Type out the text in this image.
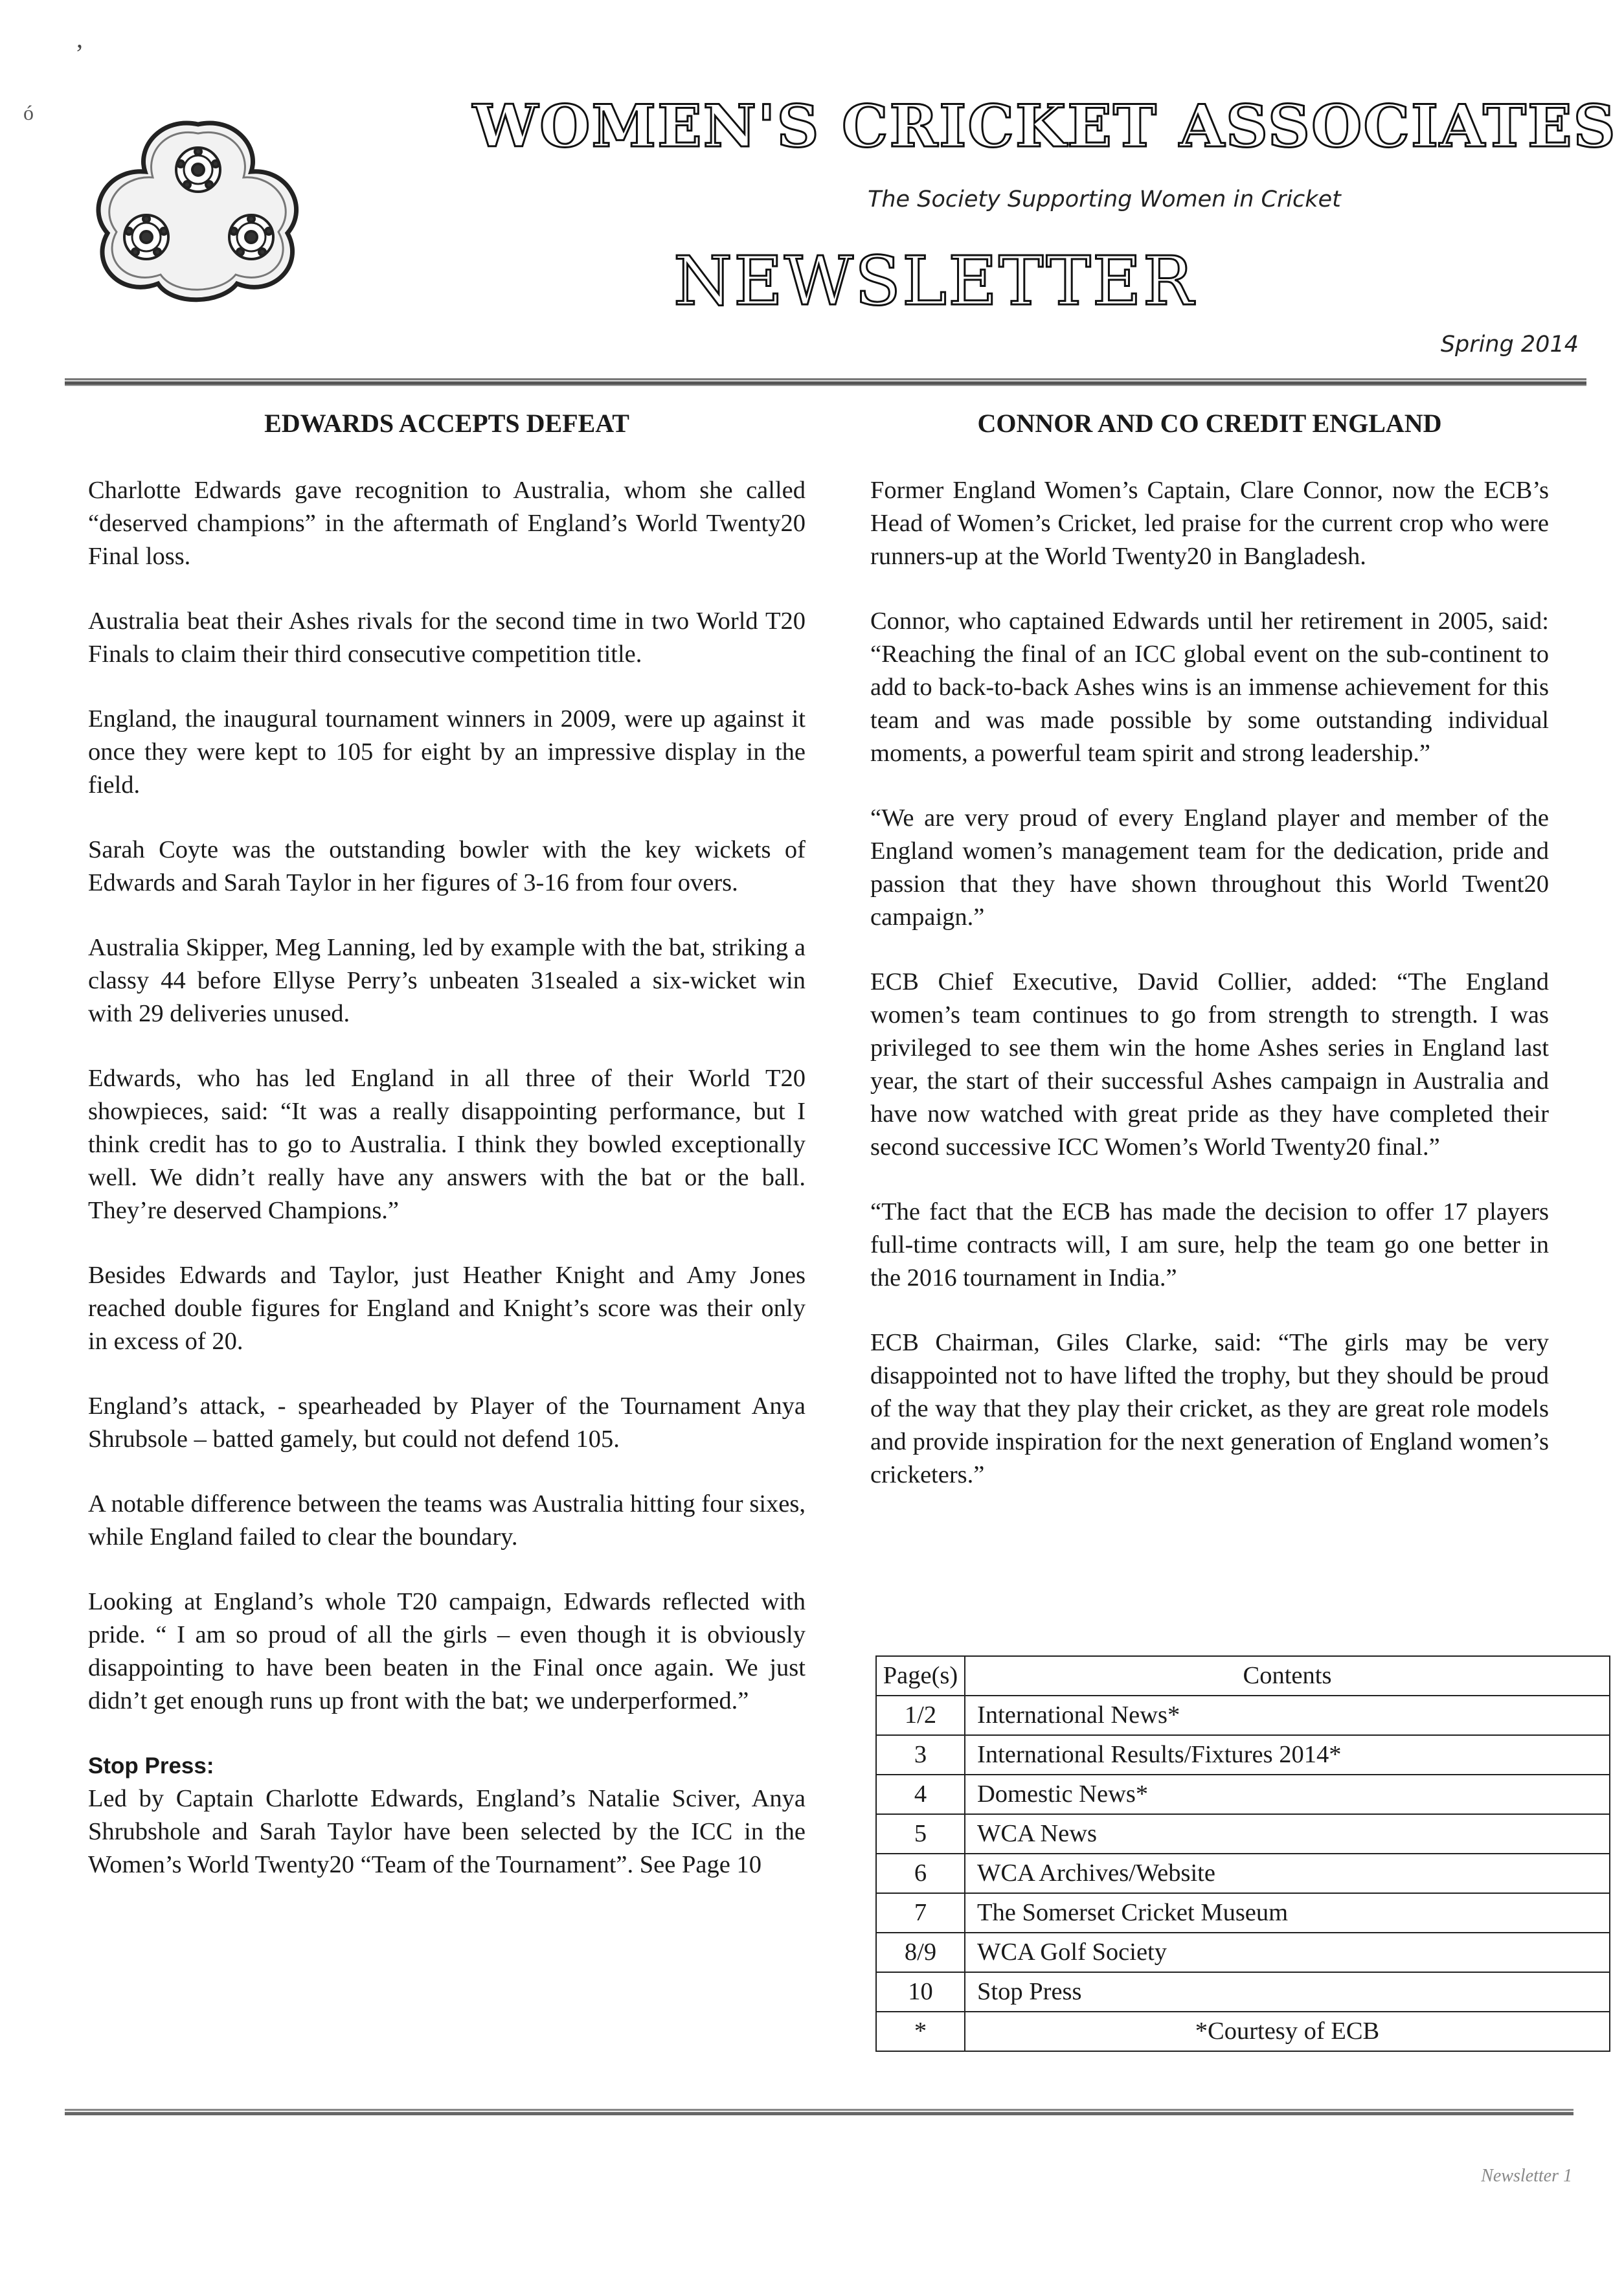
,
ó	WOMEN'S CRICKET ASSOCIATES
The Society Supporting Women in Cricket
NEWSLETTER
Spring 2014
EDWARDS ACCEPTS DEFEAT

Charlotte Edwards gave recognition to Australia, whom she called “deserved champions” in the aftermath of England’s World Twenty20 Final loss.

Australia beat their Ashes rivals for the second time in two World T20 Finals to claim their third consecutive competition title.

England, the inaugural tournament winners in 2009, were up against it once they were kept to 105 for eight by an impressive display in the field.

Sarah Coyte was the outstanding bowler with the key wickets of Edwards and Sarah Taylor in her figures of 3-16 from four overs.

Australia Skipper, Meg Lanning, led by example with the bat, striking a classy 44 before Ellyse Perry’s unbeaten 31sealed a six-wicket win with 29 deliveries unused.

Edwards, who has led England in all three of their World T20 showpieces, said: “It was a really disappointing performance, but I think credit has to go to Australia. I think they bowled exceptionally well. We didn’t really have any answers with the bat or the ball. They’re deserved Champions.”

Besides Edwards and Taylor, just Heather Knight and Amy Jones reached double figures for England and Knight’s score was their only in excess of 20.

England’s attack, - spearheaded by Player of the Tournament Anya Shrubsole – batted gamely, but could not defend 105.

A notable difference between the teams was Australia hitting four sixes, while England failed to clear the boundary.

Looking at England’s whole T20 campaign, Edwards reflected with pride. “ I am so proud of all the girls – even though it is obviously disappointing to have been beaten in the Final once again. We just didn’t get enough runs up front with the bat; we underperformed.”

Stop Press:

Led by Captain Charlotte Edwards, England’s Natalie Sciver, Anya Shrubshole and Sarah Taylor have been selected by the ICC in the Women’s World Twenty20 “Team of the Tournament”. See Page 10

CONNOR AND CO CREDIT ENGLAND

Former England Women’s Captain, Clare Connor, now the ECB’s Head of Women’s Cricket, led praise for the current crop who were runners-up at the World Twenty20 in Bangladesh.

Connor, who captained Edwards until her retirement in 2005, said: “Reaching the final of an ICC global event on the sub-continent to add to back-to-back Ashes wins is an immense achievement for this team and was made possible by some outstanding individual moments, a powerful team spirit and strong leadership.”

“We are very proud of every England player and member of the England women’s management team for the dedication, pride and passion that they have shown throughout this World Twent20 campaign.”

ECB Chief Executive, David Collier, added: “The England women’s team continues to go from strength to strength. I was privileged to see them win the home Ashes series in England last year, the start of their successful Ashes campaign in Australia and have now watched with great pride as they have completed their second successive ICC Women’s World Twenty20 final.”

“The fact that the ECB has made the decision to offer 17 players full-time contracts will, I am sure, help the team go one better in the 2016 tournament in India.”

ECB Chairman, Giles Clarke, said: “The girls may be very disappointed not to have lifted the trophy, but they should be proud of the way that they play their cricket, as they are great role models and provide inspiration for the next generation of England women’s cricketers.”

Page(s)	Contents
1/2	International News*
3	International Results/Fixtures 2014*
4	Domestic News*
5	WCA News
6	WCA Archives/Website
7	The Somerset Cricket Museum
8/9	WCA Golf Society
10	Stop Press
*	*Courtesy of ECB
Newsletter 1
